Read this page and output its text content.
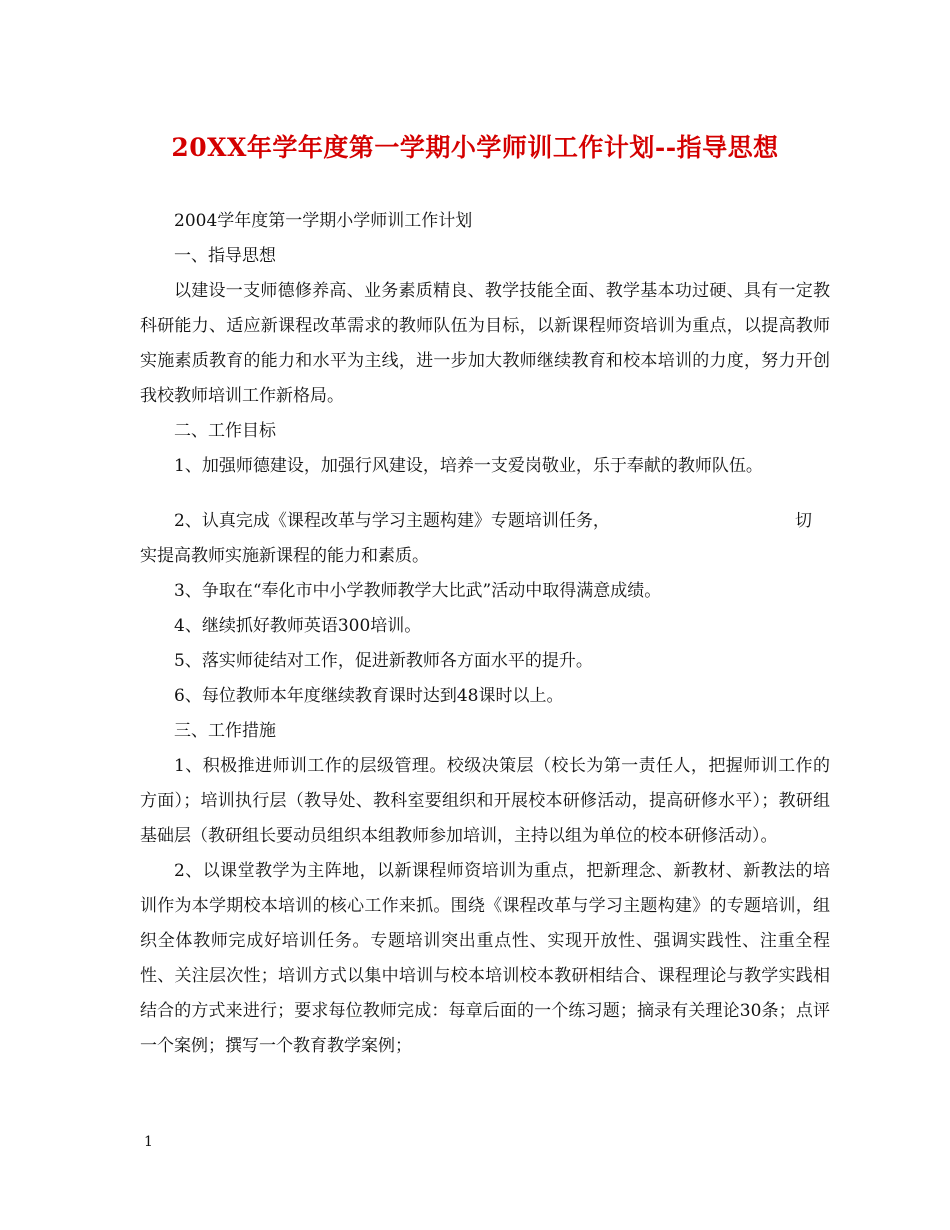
20XX年学年度第一学期小学师训工作计划--指导思想

2004学年度第一学期小学师训工作计划

一、指导思想

以建设一支师德修养高、业务素质精良、教学技能全面、教学基本功过硬、具有一定教科研能力、适应新课程改革需求的教师队伍为目标，以新课程师资培训为重点，以提高教师实施素质教育的能力和水平为主线，进一步加大教师继续教育和校本培训的力度，努力开创我校教师培训工作新格局。

二、工作目标

1、加强师德建设，加强行风建设，培养一支爱岗敬业，乐于奉献的教师队伍。

2、认真完成《课程改革与学习主题构建》专题培训任务，	切

实提高教师实施新课程的能力和素质。

3、争取在“奉化市中小学教师教学大比武”活动中取得满意成绩。

4、继续抓好教师英语300培训。

5、落实师徒结对工作，促进新教师各方面水平的提升。

6、每位教师本年度继续教育课时达到48课时以上。

三、工作措施

1、积极推进师训工作的层级管理。校级决策层（校长为第一责任人，把握师训工作的方面）；培训执行层（教导处、教科室要组织和开展校本研修活动，提高研修水平）；教研组基础层（教研组长要动员组织本组教师参加培训，主持以组为单位的校本研修活动）。

2、以课堂教学为主阵地，以新课程师资培训为重点，把新理念、新教材、新教法的培训作为本学期校本培训的核心工作来抓。围绕《课程改革与学习主题构建》的专题培训，组织全体教师完成好培训任务。专题培训突出重点性、实现开放性、强调实践性、注重全程性、关注层次性；培训方式以集中培训与校本培训校本教研相结合、课程理论与教学实践相结合的方式来进行；要求每位教师完成：每章后面的一个练习题；摘录有关理论30条；点评一个案例；撰写一个教育教学案例；

1
